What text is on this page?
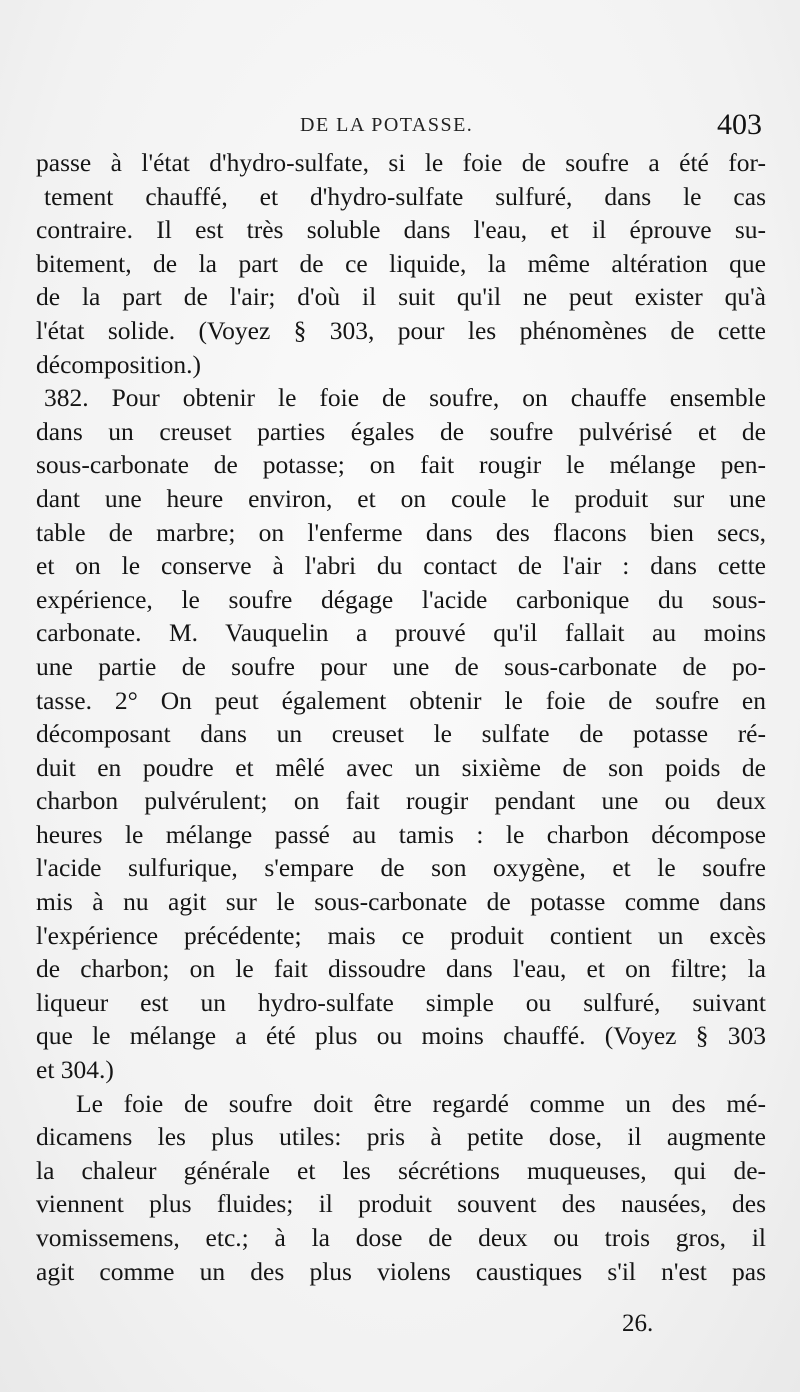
DE LA POTASSE.	403
passe à l'état d'hydro-sulfate, si le foie de soufre a été for-
tement chauffé, et d'hydro-sulfate sulfuré, dans le cas
contraire. Il est très soluble dans l'eau, et il éprouve su-
bitement, de la part de ce liquide, la même altération que
de la part de l'air; d'où il suit qu'il ne peut exister qu'à
l'état solide. (Voyez § 303, pour les phénomènes de cette
décomposition.)
382. Pour obtenir le foie de soufre, on chauffe ensemble
dans un creuset parties égales de soufre pulvérisé et de
sous-carbonate de potasse; on fait rougir le mélange pen-
dant une heure environ, et on coule le produit sur une
table de marbre; on l'enferme dans des flacons bien secs,
et on le conserve à l'abri du contact de l'air : dans cette
expérience, le soufre dégage l'acide carbonique du sous-
carbonate. M. Vauquelin a prouvé qu'il fallait au moins
une partie de soufre pour une de sous-carbonate de po-
tasse. 2° On peut également obtenir le foie de soufre en
décomposant dans un creuset le sulfate de potasse ré-
duit en poudre et mêlé avec un sixième de son poids de
charbon pulvérulent; on fait rougir pendant une ou deux
heures le mélange passé au tamis : le charbon décompose
l'acide sulfurique, s'empare de son oxygène, et le soufre
mis à nu agit sur le sous-carbonate de potasse comme dans
l'expérience précédente; mais ce produit contient un excès
de charbon; on le fait dissoudre dans l'eau, et on filtre; la
liqueur est un hydro-sulfate simple ou sulfuré, suivant
que le mélange a été plus ou moins chauffé. (Voyez § 303
et 304.)
Le foie de soufre doit être regardé comme un des mé-
dicamens les plus utiles: pris à petite dose, il augmente
la chaleur générale et les sécrétions muqueuses, qui de-
viennent plus fluides; il produit souvent des nausées, des
vomissemens, etc.; à la dose de deux ou trois gros, il
agit comme un des plus violens caustiques s'il n'est pas
26.
